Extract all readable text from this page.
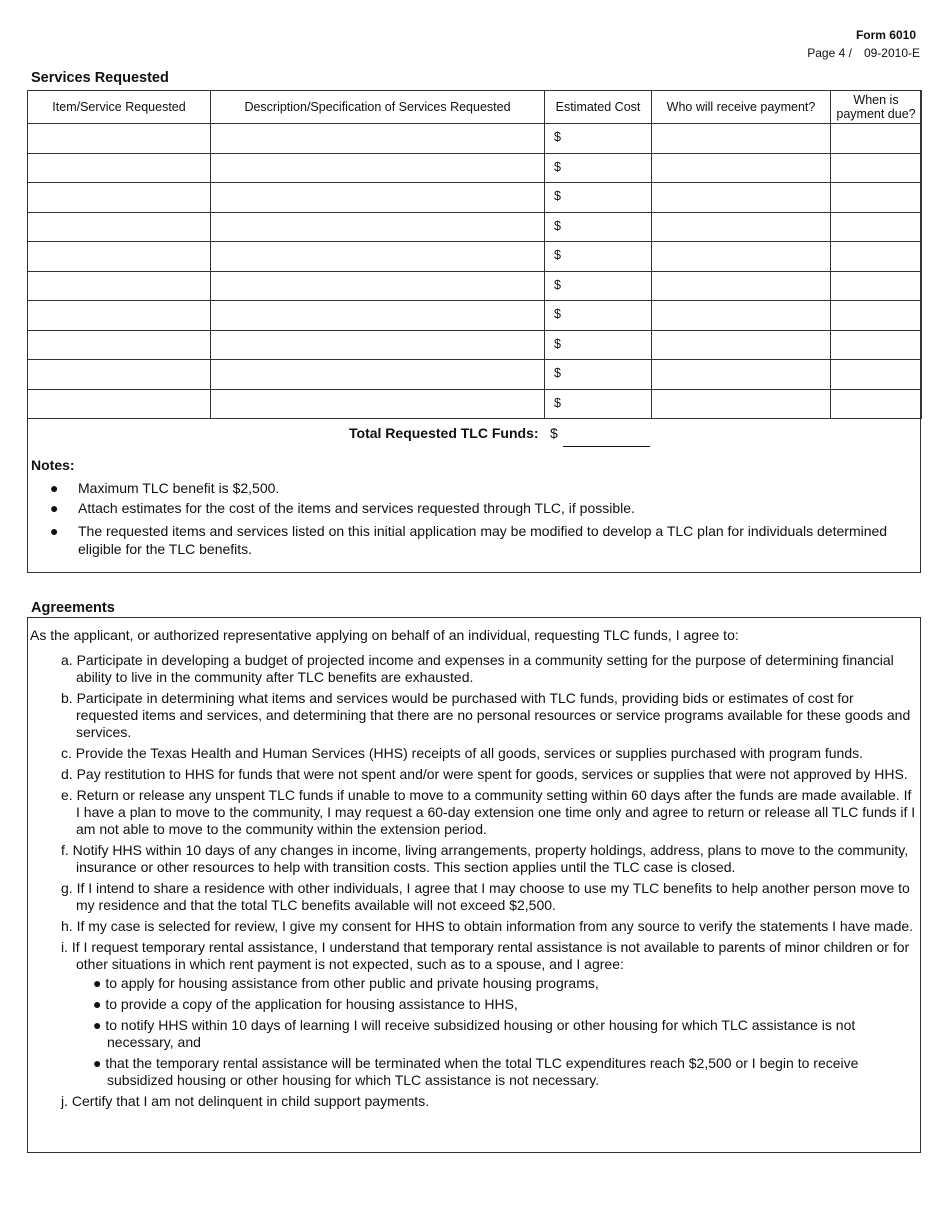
Form 6010
Page 4 / 09-2010-E
Services Requested
Item/Service Requested	Description/Specification of Services Requested	Estimated Cost	Who will receive payment?	When is payment due?
		$		
		$		
		$		
		$		
		$		
		$		
		$		
		$		
		$		
		$		
Total Requested TLC Funds: $
Notes:
● Maximum TLC benefit is $2,500.
● Attach estimates for the cost of the items and services requested through TLC, if possible.
● The requested items and services listed on this initial application may be modified to develop a TLC plan for individuals determined eligible for the TLC benefits.
Agreements
As the applicant, or authorized representative applying on behalf of an individual, requesting TLC funds, I agree to:
a. Participate in developing a budget of projected income and expenses in a community setting for the purpose of determining financial ability to live in the community after TLC benefits are exhausted.
b. Participate in determining what items and services would be purchased with TLC funds, providing bids or estimates of cost for requested items and services, and determining that there are no personal resources or service programs available for these goods and services.
c. Provide the Texas Health and Human Services (HHS) receipts of all goods, services or supplies purchased with program funds.
d. Pay restitution to HHS for funds that were not spent and/or were spent for goods, services or supplies that were not approved by HHS.
e. Return or release any unspent TLC funds if unable to move to a community setting within 60 days after the funds are made available. If I have a plan to move to the community, I may request a 60-day extension one time only and agree to return or release all TLC funds if I am not able to move to the community within the extension period.
f. Notify HHS within 10 days of any changes in income, living arrangements, property holdings, address, plans to move to the community, insurance or other resources to help with transition costs. This section applies until the TLC case is closed.
g. If I intend to share a residence with other individuals, I agree that I may choose to use my TLC benefits to help another person move to my residence and that the total TLC benefits available will not exceed $2,500.
h. If my case is selected for review, I give my consent for HHS to obtain information from any source to verify the statements I have made.
i. If I request temporary rental assistance, I understand that temporary rental assistance is not available to parents of minor children or for other situations in which rent payment is not expected, such as to a spouse, and I agree:
● to apply for housing assistance from other public and private housing programs,
● to provide a copy of the application for housing assistance to HHS,
● to notify HHS within 10 days of learning I will receive subsidized housing or other housing for which TLC assistance is not necessary, and
● that the temporary rental assistance will be terminated when the total TLC expenditures reach $2,500 or I begin to receive subsidized housing or other housing for which TLC assistance is not necessary.
j. Certify that I am not delinquent in child support payments.
